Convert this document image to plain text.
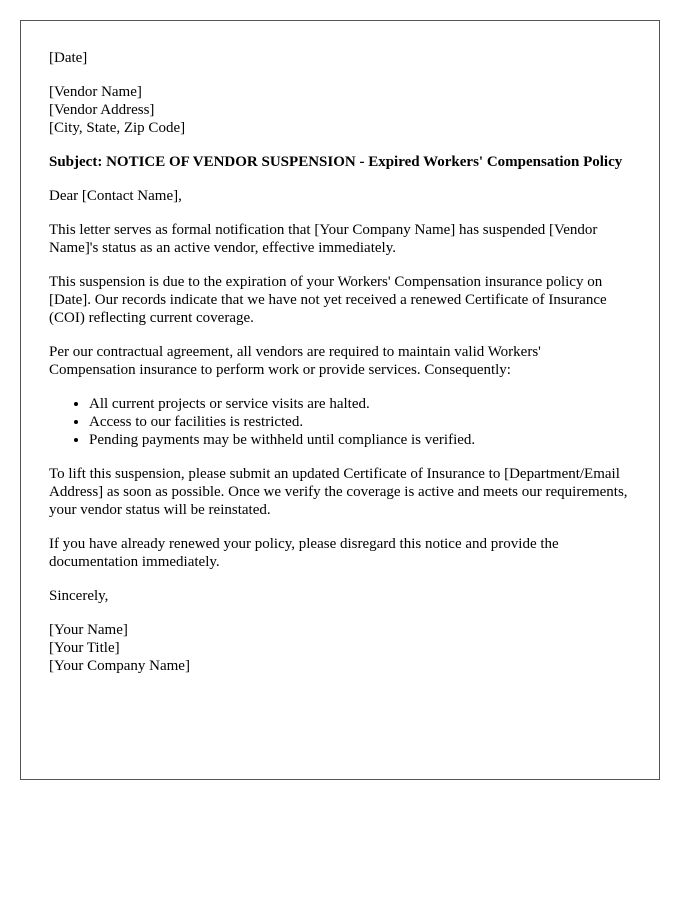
[Date]

[Vendor Name]
[Vendor Address]
[City, State, Zip Code]

Subject: NOTICE OF VENDOR SUSPENSION - Expired Workers' Compensation Policy

Dear [Contact Name],

This letter serves as formal notification that [Your Company Name] has suspended [Vendor Name]'s status as an active vendor, effective immediately.

This suspension is due to the expiration of your Workers' Compensation insurance policy on [Date]. Our records indicate that we have not yet received a renewed Certificate of Insurance (COI) reflecting current coverage.

Per our contractual agreement, all vendors are required to maintain valid Workers' Compensation insurance to perform work or provide services. Consequently:

• All current projects or service visits are halted.
• Access to our facilities is restricted.
• Pending payments may be withheld until compliance is verified.

To lift this suspension, please submit an updated Certificate of Insurance to [Department/Email Address] as soon as possible. Once we verify the coverage is active and meets our requirements, your vendor status will be reinstated.

If you have already renewed your policy, please disregard this notice and provide the documentation immediately.

Sincerely,

[Your Name]
[Your Title]
[Your Company Name]
